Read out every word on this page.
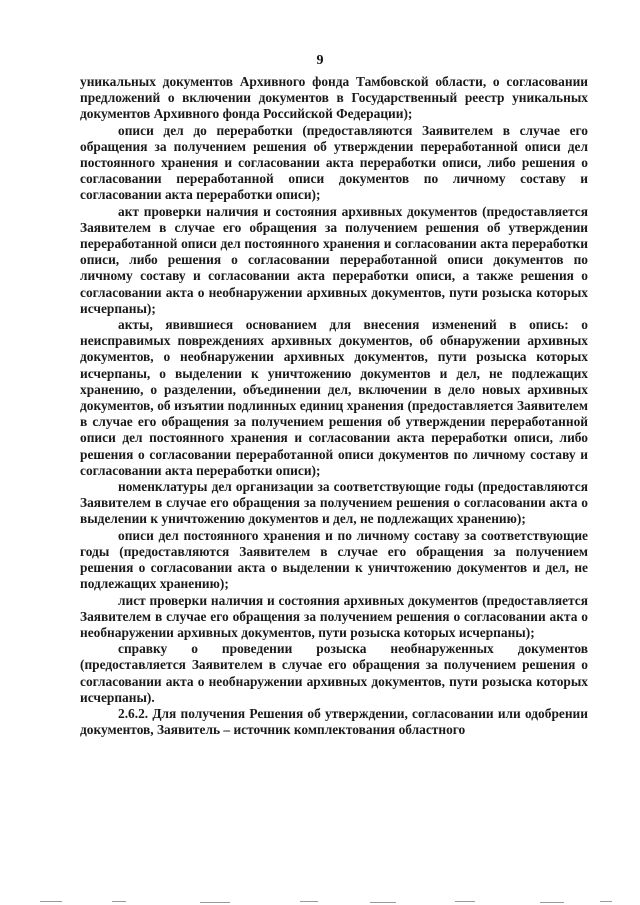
9

уникальных документов Архивного фонда Тамбовской области, о согласовании предложений о включении документов в Государственный реестр уникальных документов Архивного фонда Российской Федерации);

описи дел до переработки (предоставляются Заявителем в случае его обращения за получением решения об утверждении переработанной описи дел постоянного хранения и согласовании акта переработки описи, либо решения о согласовании переработанной описи документов по личному составу и согласовании акта переработки описи);

акт проверки наличия и состояния архивных документов (предоставляется Заявителем в случае его обращения за получением решения об утверждении переработанной описи дел постоянного хранения и согласовании акта переработки описи, либо решения о согласовании переработанной описи документов по личному составу и согласовании акта переработки описи, а также решения о согласовании акта о необнаружении архивных документов, пути розыска которых исчерпаны);

акты, явившиеся основанием для внесения изменений в опись: о неисправимых повреждениях архивных документов, об обнаружении архивных документов, о необнаружении архивных документов, пути розыска которых исчерпаны, о выделении к уничтожению документов и дел, не подлежащих хранению, о разделении, объединении дел, включении в дело новых архивных документов, об изъятии подлинных единиц хранения (предоставляется Заявителем в случае его обращения за получением решения об утверждении переработанной описи дел постоянного хранения и согласовании акта переработки описи, либо решения о согласовании переработанной описи документов по личному составу и согласовании акта переработки описи);

номенклатуры дел организации за соответствующие годы (предоставляются Заявителем в случае его обращения за получением решения о согласовании акта о выделении к уничтожению документов и дел, не подлежащих хранению);

описи дел постоянного хранения и по личному составу за соответствующие годы (предоставляются Заявителем в случае его обращения за получением решения о согласовании акта о выделении к уничтожению документов и дел, не подлежащих хранению);

лист проверки наличия и состояния архивных документов (предоставляется Заявителем в случае его обращения за получением решения о согласовании акта о необнаружении архивных документов, пути розыска которых исчерпаны);

справку о проведении розыска необнаруженных документов (предоставляется Заявителем в случае его обращения за получением решения о согласовании акта о необнаружении архивных документов, пути розыска которых исчерпаны).

2.6.2. Для получения Решения об утверждении, согласовании или одобрении документов, Заявитель – источник комплектования областного
